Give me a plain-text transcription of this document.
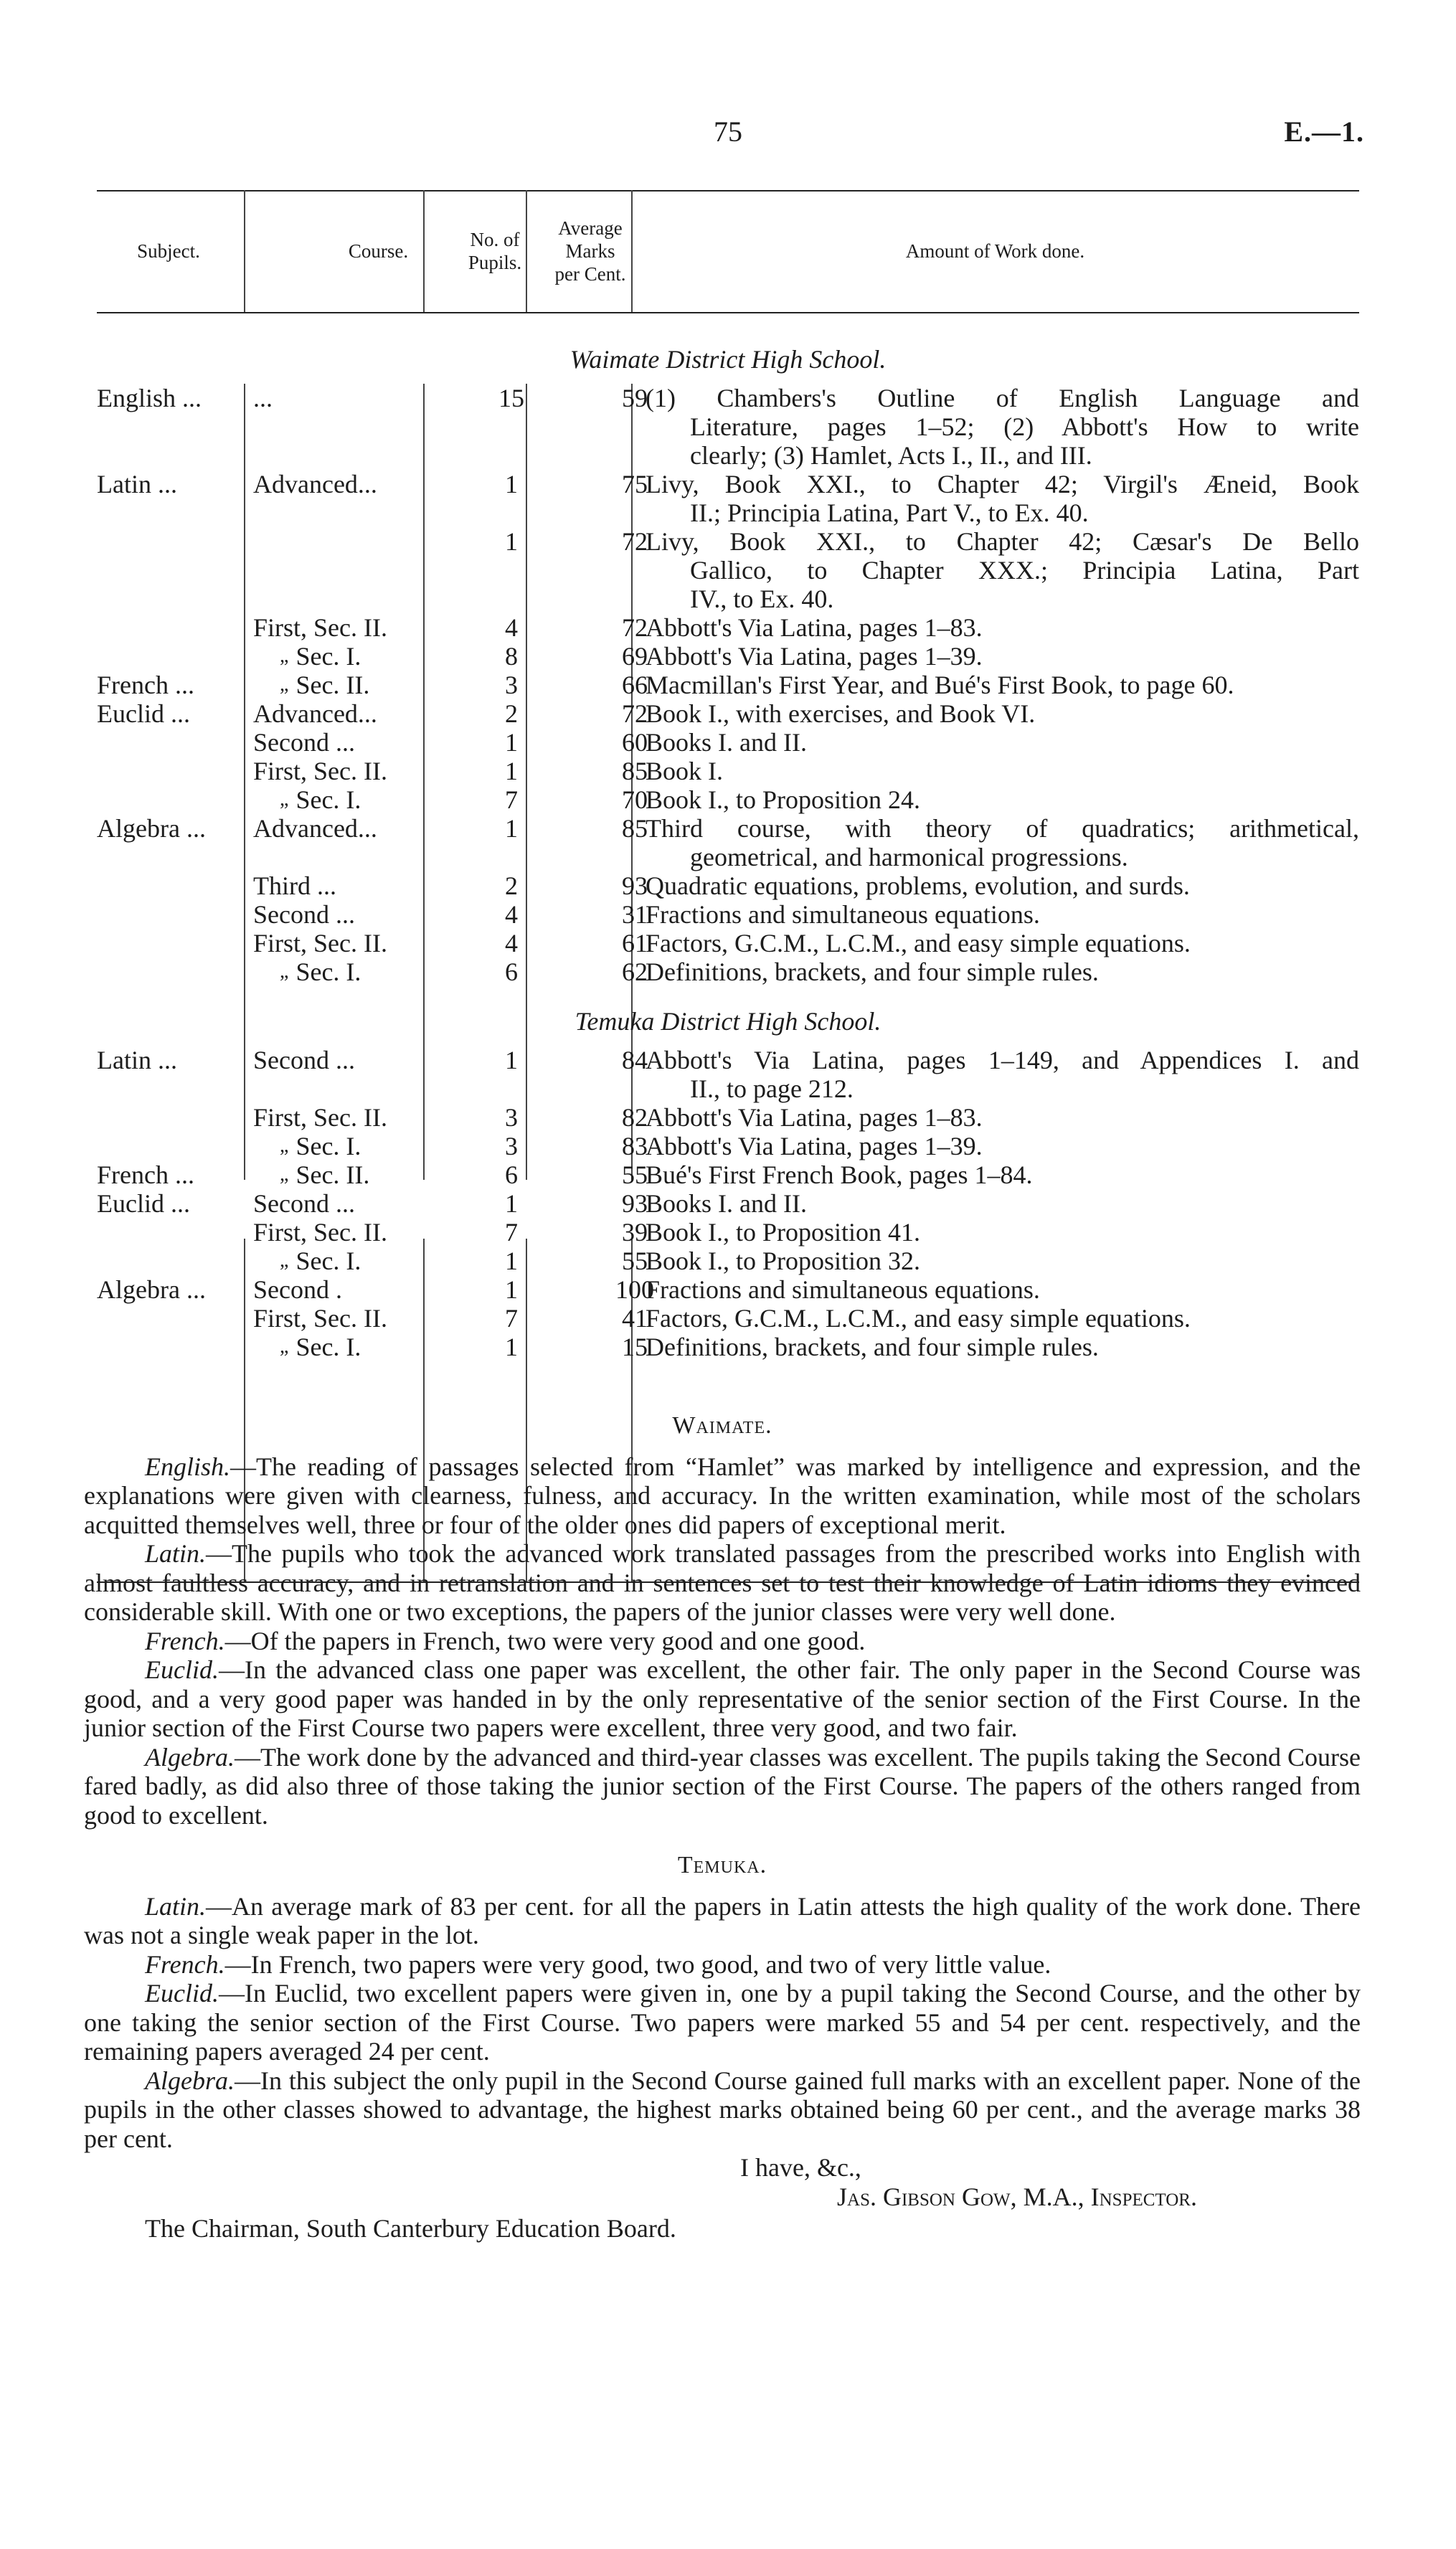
75	E.—1.
Subject.	Course.
No. of
Pupils.
Average
Marks
per Cent.
Amount of Work done.
Waimate District High School.
English ...	...	15	59
(1) Chambers's Outline of English Language and
Literature, pages 1–52; (2) Abbott's How to write
clearly; (3) Hamlet, Acts I., II., and III.
Latin ...	Advanced...	1	75
Livy, Book XXI., to Chapter 42; Virgil's Æneid, Book
II.; Principia Latina, Part V., to Ex. 40.
1	72
Livy, Book XXI., to Chapter 42; Cæsar's De Bello
Gallico, to Chapter XXX.; Principia Latina, Part
IV., to Ex. 40.
First, Sec. II.	4	72
Abbott's Via Latina, pages 1–83.
„ Sec. I.	8	69
Abbott's Via Latina, pages 1–39.
French ...	„ Sec. II.	3	66
Macmillan's First Year, and Bué's First Book, to page 60.
Euclid ...	Advanced...	2	72
Book I., with exercises, and Book VI.
Second ...	1	60
Books I. and II.
First, Sec. II.	1	85
Book I.
„ Sec. I.	7	70
Book I., to Proposition 24.
Algebra ...	Advanced...	1	85
Third course, with theory of quadratics; arithmetical,
geometrical, and harmonical progressions.
Third ...	2	93
Quadratic equations, problems, evolution, and surds.
Second ...	4	31
Fractions and simultaneous equations.
First, Sec. II.	4	61
Factors, G.C.M., L.C.M., and easy simple equations.
„ Sec. I.	6	62
Definitions, brackets, and four simple rules.
Temuka District High School.
Latin ...	Second ...	1	84
Abbott's Via Latina, pages 1–149, and Appendices I. and
II., to page 212.
First, Sec. II.	3	82
Abbott's Via Latina, pages 1–83.
„ Sec. I.	3	83
Abbott's Via Latina, pages 1–39.
French ...	„ Sec. II.	6	55
Bué's First French Book, pages 1–84.
Euclid ...	Second ...	1	93
Books I. and II.
First, Sec. II.	7	39
Book I., to Proposition 41.
„ Sec. I.	1	55
Book I., to Proposition 32.
Algebra ...	Second .	1	100
Fractions and simultaneous equations.
First, Sec. II.	7	41
Factors, G.C.M., L.C.M., and easy simple equations.
„ Sec. I.	1	15
Definitions, brackets, and four simple rules.
Waimate.

English.—The reading of passages selected from “Hamlet” was marked by intelligence and expression, and the explanations were given with clearness, fulness, and accuracy. In the written examination, while most of the scholars acquitted themselves well, three or four of the older ones did papers of exceptional merit.

Latin.—The pupils who took the advanced work translated passages from the prescribed works into English with almost faultless accuracy, and in retranslation and in sentences set to test their knowledge of Latin idioms they evinced considerable skill. With one or two exceptions, the papers of the junior classes were very well done.

French.—Of the papers in French, two were very good and one good.

Euclid.—In the advanced class one paper was excellent, the other fair. The only paper in the Second Course was good, and a very good paper was handed in by the only representative of the senior section of the First Course. In the junior section of the First Course two papers were excellent, three very good, and two fair.

Algebra.—The work done by the advanced and third-year classes was excellent. The pupils taking the Second Course fared badly, as did also three of those taking the junior section of the First Course. The papers of the others ranged from good to excellent.

Temuka.

Latin.—An average mark of 83 per cent. for all the papers in Latin attests the high quality of the work done. There was not a single weak paper in the lot.

French.—In French, two papers were very good, two good, and two of very little value.

Euclid.—In Euclid, two excellent papers were given in, one by a pupil taking the Second Course, and the other by one taking the senior section of the First Course. Two papers were marked 55 and 54 per cent. respectively, and the remaining papers averaged 24 per cent.

Algebra.—In this subject the only pupil in the Second Course gained full marks with an excellent paper. None of the pupils in the other classes showed to advantage, the highest marks obtained being 60 per cent., and the average marks 38 per cent.

I have, &c.,

Jas. Gibson Gow, M.A., Inspector.

The Chairman, South Canterbury Education Board.
